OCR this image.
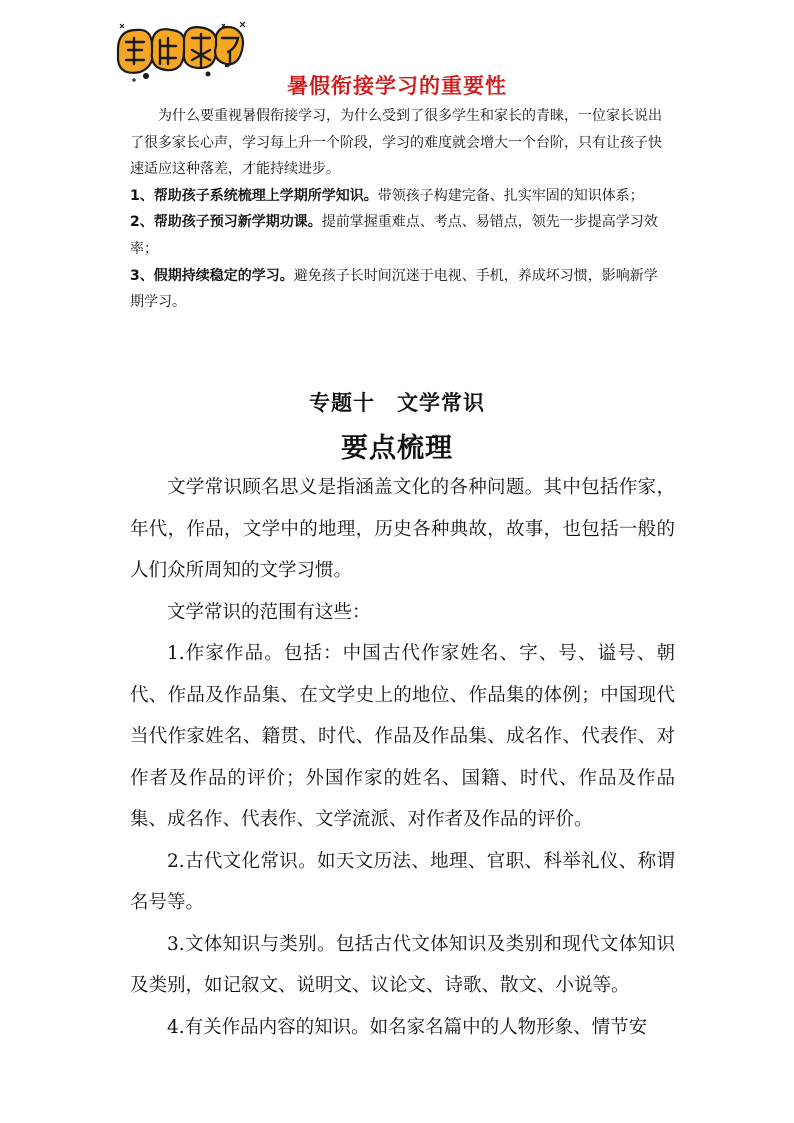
暑假衔接学习的重要性

为什么要重视暑假衔接学习，为什么受到了很多学生和家长的青睐，一位家长说出了很多家长心声，学习每上升一个阶段，学习的难度就会增大一个台阶，只有让孩子快速适应这种落差，才能持续进步。

1、帮助孩子系统梳理上学期所学知识。带领孩子构建完备、扎实牢固的知识体系；

2、帮助孩子预习新学期功课。提前掌握重难点、考点、易错点，领先一步提高学习效率；

3、假期持续稳定的学习。避免孩子长时间沉迷于电视、手机，养成坏习惯，影响新学期学习。

专题十 文学常识
要点梳理

文学常识顾名思义是指涵盖文化的各种问题。其中包括作家，年代，作品，文学中的地理，历史各种典故，故事，也包括一般的人们众所周知的文学习惯。

文学常识的范围有这些：

1.作家作品。包括：中国古代作家姓名、字、号、谥号、朝代、作品及作品集、在文学史上的地位、作品集的体例；中国现代当代作家姓名、籍贯、时代、作品及作品集、成名作、代表作、对作者及作品的评价；外国作家的姓名、国籍、时代、作品及作品集、成名作、代表作、文学流派、对作者及作品的评价。

2.古代文化常识。如天文历法、地理、官职、科举礼仪、称谓名号等。

3.文体知识与类别。包括古代文体知识及类别和现代文体知识及类别，如记叙文、说明文、议论文、诗歌、散文、小说等。

4.有关作品内容的知识。如名家名篇中的人物形象、情节安
